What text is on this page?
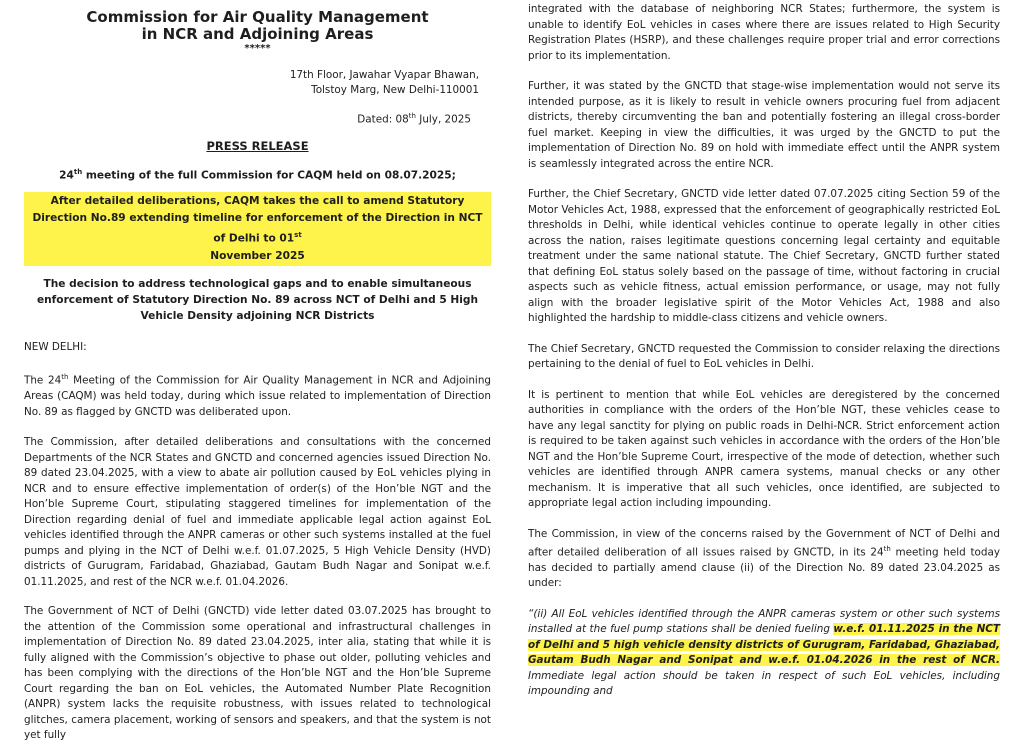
Commission for Air Quality Management
in NCR and Adjoining Areas
*****
17th Floor, Jawahar Vyapar Bhawan,
Tolstoy Marg, New Delhi-110001
Dated: 08th July, 2025
PRESS RELEASE
24th meeting of the full Commission for CAQM held on 08.07.2025;
After detailed deliberations, CAQM takes the call to amend Statutory Direction No.89 extending timeline for enforcement of the Direction in NCT of Delhi to 01st
November 2025
The decision to address technological gaps and to enable simultaneous enforcement of Statutory Direction No. 89 across NCT of Delhi and 5 High Vehicle Density adjoining NCR Districts

NEW DELHI:

The 24th Meeting of the Commission for Air Quality Management in NCR and Adjoining Areas (CAQM) was held today, during which issue related to implementation of Direction No. 89 as flagged by GNCTD was deliberated upon.

The Commission, after detailed deliberations and consultations with the concerned Departments of the NCR States and GNCTD and concerned agencies issued Direction No. 89 dated 23.04.2025, with a view to abate air pollution caused by EoL vehicles plying in NCR and to ensure effective implementation of order(s) of the Hon’ble NGT and the Hon’ble Supreme Court, stipulating staggered timelines for implementation of the Direction regarding denial of fuel and immediate applicable legal action against EoL vehicles identified through the ANPR cameras or other such systems installed at the fuel pumps and plying in the NCT of Delhi w.e.f. 01.07.2025, 5 High Vehicle Density (HVD) districts of Gurugram, Faridabad, Ghaziabad, Gautam Budh Nagar and Sonipat w.e.f. 01.11.2025, and rest of the NCR w.e.f. 01.04.2026.

The Government of NCT of Delhi (GNCTD) vide letter dated 03.07.2025 has brought to the attention of the Commission some operational and infrastructural challenges in implementation of Direction No. 89 dated 23.04.2025, inter alia, stating that while it is fully aligned with the Commission’s objective to phase out older, polluting vehicles and has been complying with the directions of the Hon’ble NGT and the Hon’ble Supreme Court regarding the ban on EoL vehicles, the Automated Number Plate Recognition (ANPR) system lacks the requisite robustness, with issues related to technological glitches, camera placement, working of sensors and speakers, and that the system is not yet fully

integrated with the database of neighboring NCR States; furthermore, the system is unable to identify EoL vehicles in cases where there are issues related to High Security Registration Plates (HSRP), and these challenges require proper trial and error corrections prior to its implementation.

Further, it was stated by the GNCTD that stage-wise implementation would not serve its intended purpose, as it is likely to result in vehicle owners procuring fuel from adjacent districts, thereby circumventing the ban and potentially fostering an illegal cross-border fuel market. Keeping in view the difficulties, it was urged by the GNCTD to put the implementation of Direction No. 89 on hold with immediate effect until the ANPR system is seamlessly integrated across the entire NCR.

Further, the Chief Secretary, GNCTD vide letter dated 07.07.2025 citing Section 59 of the Motor Vehicles Act, 1988, expressed that the enforcement of geographically restricted EoL thresholds in Delhi, while identical vehicles continue to operate legally in other cities across the nation, raises legitimate questions concerning legal certainty and equitable treatment under the same national statute. The Chief Secretary, GNCTD further stated that defining EoL status solely based on the passage of time, without factoring in crucial aspects such as vehicle fitness, actual emission performance, or usage, may not fully align with the broader legislative spirit of the Motor Vehicles Act, 1988 and also highlighted the hardship to middle-class citizens and vehicle owners.

The Chief Secretary, GNCTD requested the Commission to consider relaxing the directions pertaining to the denial of fuel to EoL vehicles in Delhi.

It is pertinent to mention that while EoL vehicles are deregistered by the concerned authorities in compliance with the orders of the Hon’ble NGT, these vehicles cease to have any legal sanctity for plying on public roads in Delhi-NCR. Strict enforcement action is required to be taken against such vehicles in accordance with the orders of the Hon’ble NGT and the Hon’ble Supreme Court, irrespective of the mode of detection, whether such vehicles are identified through ANPR camera systems, manual checks or any other mechanism. It is imperative that all such vehicles, once identified, are subjected to appropriate legal action including impounding.

The Commission, in view of the concerns raised by the Government of NCT of Delhi and after detailed deliberation of all issues raised by GNCTD, in its 24th meeting held today has decided to partially amend clause (ii) of the Direction No. 89 dated 23.04.2025 as under:

“(ii) All EoL vehicles identified through the ANPR cameras system or other such systems installed at the fuel pump stations shall be denied fueling w.e.f. 01.11.2025 in the NCT of Delhi and 5 high vehicle density districts of Gurugram, Faridabad, Ghaziabad, Gautam Budh Nagar and Sonipat and w.e.f. 01.04.2026 in the rest of NCR. Immediate legal action should be taken in respect of such EoL vehicles, including impounding and
